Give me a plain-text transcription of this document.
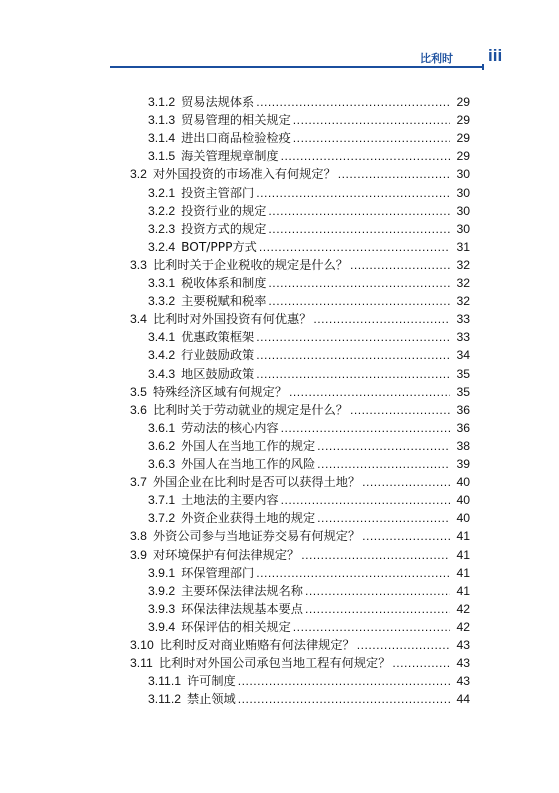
比利时	iii
3.1.2 贸易法规体系 .....	29
3.1.3 贸易管理的相关规定 .....	29
3.1.4 进出口商品检验检疫 .....	29
3.1.5 海关管理规章制度 .....	29
3.2 对外国投资的市场准入有何规定？ .....	30
3.2.1 投资主管部门 .....	30
3.2.2 投资行业的规定 .....	30
3.2.3 投资方式的规定 .....	30
3.2.4 BOT/PPP方式 .....	31
3.3 比利时关于企业税收的规定是什么？ .....	32
3.3.1 税收体系和制度 .....	32
3.3.2 主要税赋和税率 .....	32
3.4 比利时对外国投资有何优惠？ .....	33
3.4.1 优惠政策框架 .....	33
3.4.2 行业鼓励政策 .....	34
3.4.3 地区鼓励政策 .....	35
3.5 特殊经济区域有何规定？ .....	35
3.6 比利时关于劳动就业的规定是什么？ .....	36
3.6.1 劳动法的核心内容 .....	36
3.6.2 外国人在当地工作的规定 .....	38
3.6.3 外国人在当地工作的风险 .....	39
3.7 外国企业在比利时是否可以获得土地？ .....	40
3.7.1 土地法的主要内容 .....	40
3.7.2 外资企业获得土地的规定 .....	40
3.8 外资公司参与当地证券交易有何规定？ .....	41
3.9 对环境保护有何法律规定？ .....	41
3.9.1 环保管理部门 .....	41
3.9.2 主要环保法律法规名称 .....	41
3.9.3 环保法律法规基本要点 .....	42
3.9.4 环保评估的相关规定 .....	42
3.10 比利时反对商业贿赂有何法律规定？ .....	43
3.11 比利时对外国公司承包当地工程有何规定？ .....	43
3.11.1 许可制度 .....	43
3.11.2 禁止领域 .....	44
